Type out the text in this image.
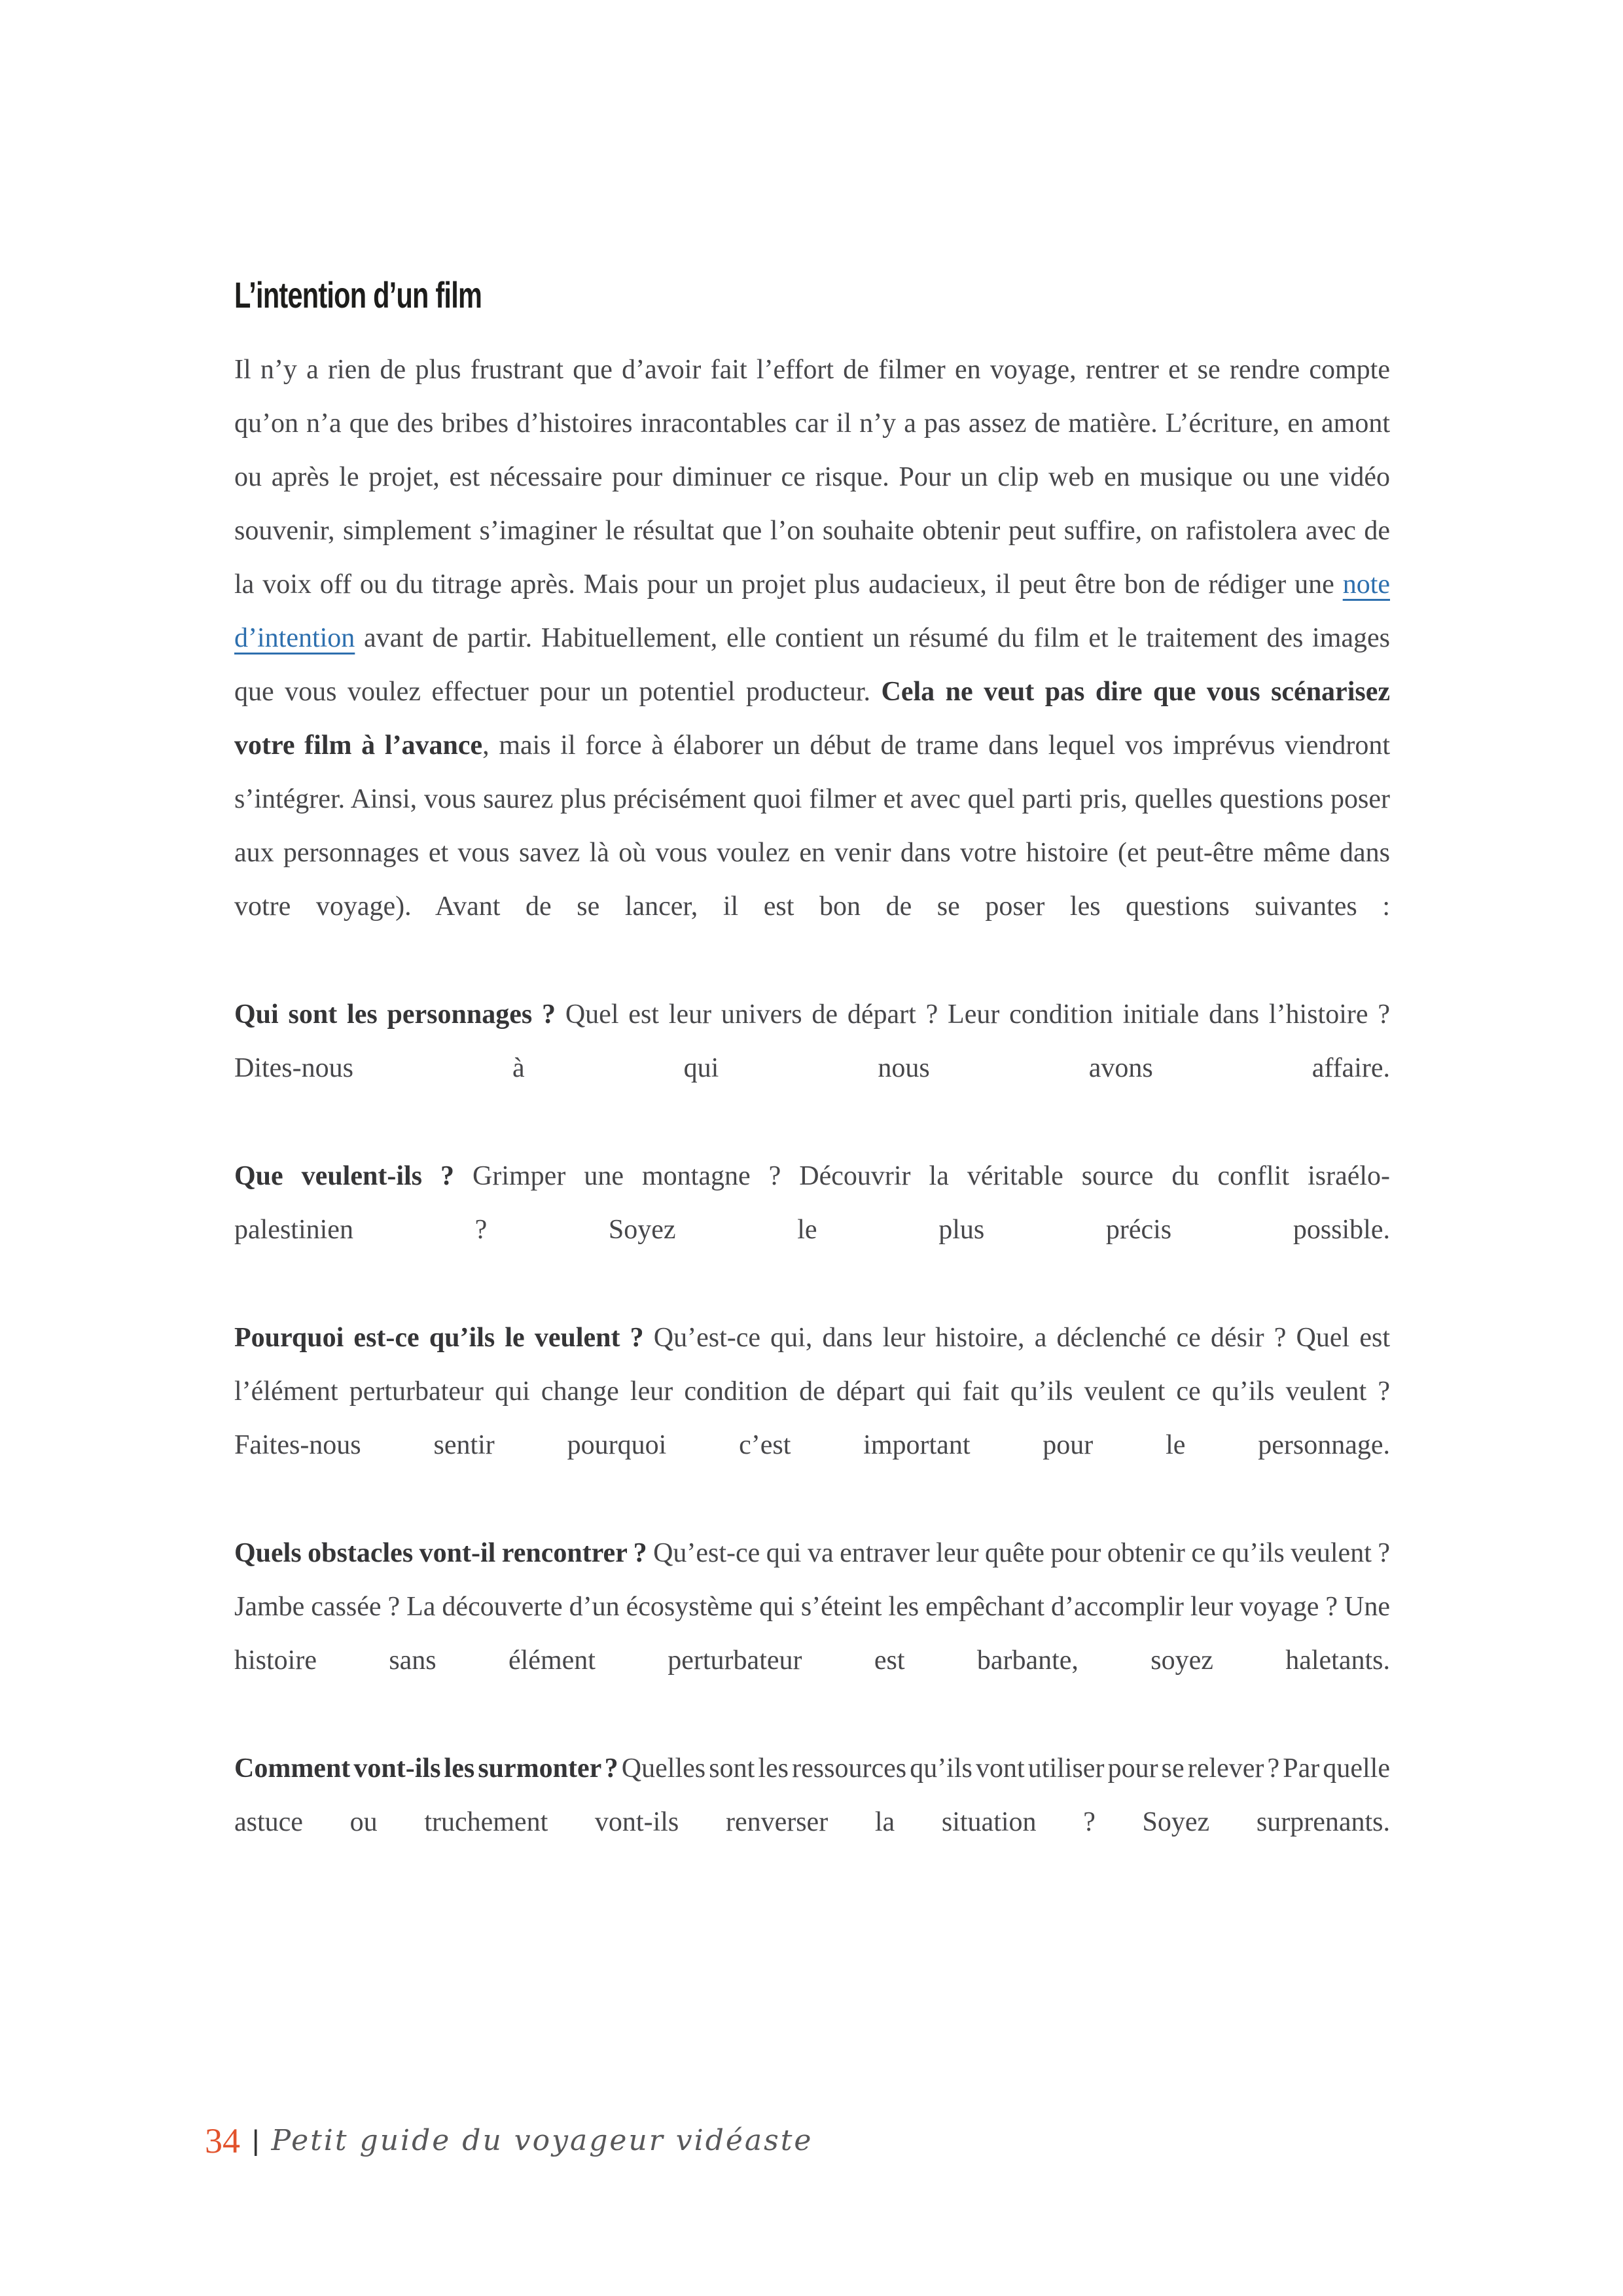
L’intention d’un film

Il n’y a rien de plus frustrant que d’avoir fait l’effort de filmer en voyage, rentrer et se rendre compte qu’on n’a que des bribes d’histoires inracontables car il n’y a pas assez de matière. L’écriture, en amont ou après le projet, est nécessaire pour diminuer ce risque. Pour un clip web en musique ou une vidéo souvenir, simplement s’imaginer le résultat que l’on souhaite obtenir peut suffire, on rafistolera avec de la voix off ou du titrage après. Mais pour un projet plus audacieux, il peut être bon de rédiger une note d’intention avant de partir. Habituellement, elle contient un résumé du film et le traitement des images que vous voulez effectuer pour un potentiel producteur. Cela ne veut pas dire que vous scénarisez votre film à l’avance, mais il force à élaborer un début de trame dans lequel vos imprévus viendront s’intégrer. Ainsi, vous saurez plus précisément quoi filmer et avec quel parti pris, quelles questions poser aux personnages et vous savez là où vous voulez en venir dans votre histoire (et peut-être même dans votre voyage). Avant de se lancer, il est bon de se poser les questions suivantes :

Qui sont les personnages ? Quel est leur univers de départ ? Leur condition initiale dans l’histoire ? Dites-nous à qui nous avons affaire.

Que veulent-ils ? Grimper une montagne ? Découvrir la véritable source du conflit israélo-palestinien ? Soyez le plus précis possible.

Pourquoi est-ce qu’ils le veulent ? Qu’est-ce qui, dans leur histoire, a déclenché ce désir ? Quel est l’élément perturbateur qui change leur condition de départ qui fait qu’ils veulent ce qu’ils veulent ? Faites-nous sentir pourquoi c’est important pour le personnage.

Quels obstacles vont-il rencontrer ? Qu’est-ce qui va entraver leur quête pour obtenir ce qu’ils veulent ? Jambe cassée ? La découverte d’un écosystème qui s’éteint les empêchant d’accomplir leur voyage ? Une histoire sans élément perturbateur est barbante, soyez haletants.

Comment vont-ils les surmonter ? Quelles sont les ressources qu’ils vont utiliser pour se relever ? Par quelle astuce ou truchement vont-ils renverser la situation ? Soyez surprenants.

34 | Petit guide du voyageur vidéaste
